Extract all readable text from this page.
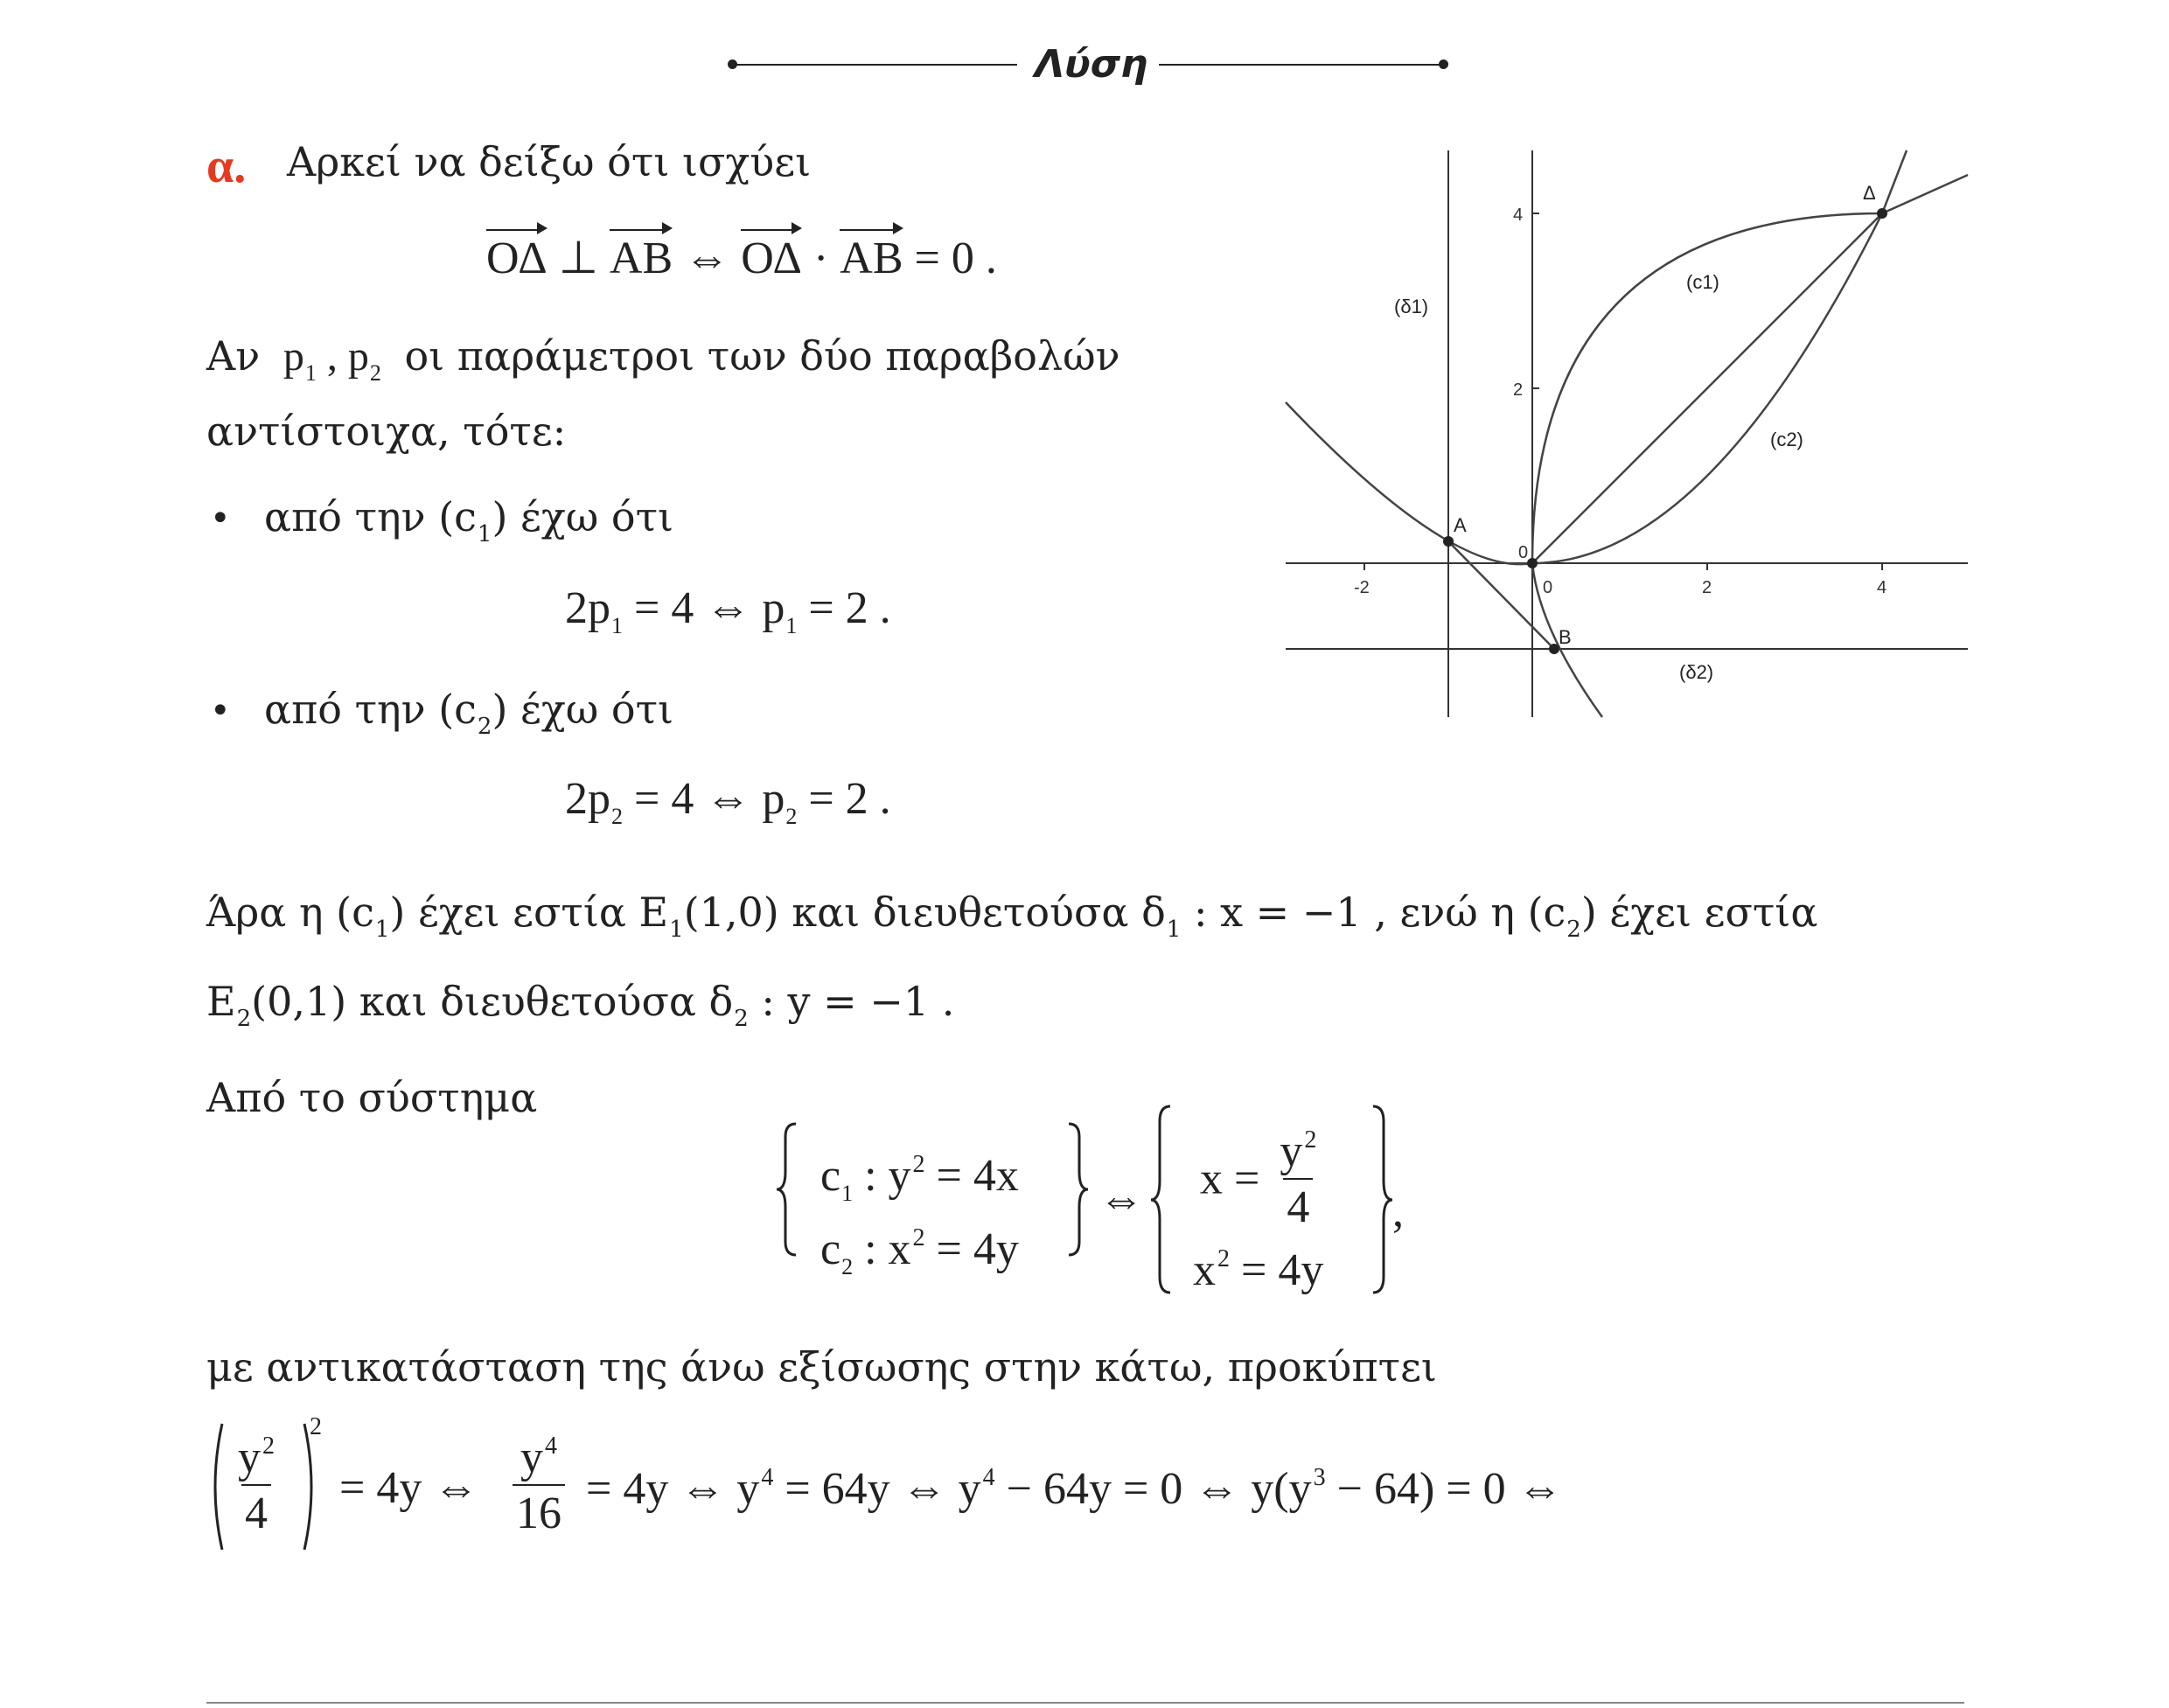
Λύση
α. Αρκεί να δείξω ότι ισχύει
ΟΔ ⊥ ΑΒ ⇔ ΟΔ · ΑΒ = 0 .
Αν  $p_1$ , $p_2$ οι παράμετροι των δύο παραβολών
αντίστοιχα, τότε:
• από την $(c_1)$ έχω ότι
$2p_1 = 4$ ⇔ $p_1 = 2$ .
• από την $(c_2)$ έχω ότι
$2p_2 = 4$ ⇔ $p_2 = 2$ .
Άρα η $(c_1)$ έχει εστία $E_1(1,0)$ και διευθετούσα $\delta_1$ : x = −1 , ενώ η $(c_2)$ έχει εστία
$E_2(0,1)$ και διευθετούσα $\delta_2$ : y = −1 .
Από το σύστημα
$c_1$ : $y^2 = 4x$
$c_2$ : $x^2 = 4y$
⇔ $x = \frac{y^2}{4}$
$x^2 = 4y$
,
με αντικατάσταση της άνω εξίσωσης στην κάτω, προκύπτει
$\frac{y^2}{4}$
2
= 4y ⇔ $\frac{y^4}{16} = 4y$ ⇔ $y^4 = 64y$ ⇔ $y^4 - 64y = 0$ ⇔ $y(y^3 - 64) = 0$ ⇔
-2	0	2	4
2
4
0
A
B
Δ
(c1)
(c2)
(δ1)
(δ2)
